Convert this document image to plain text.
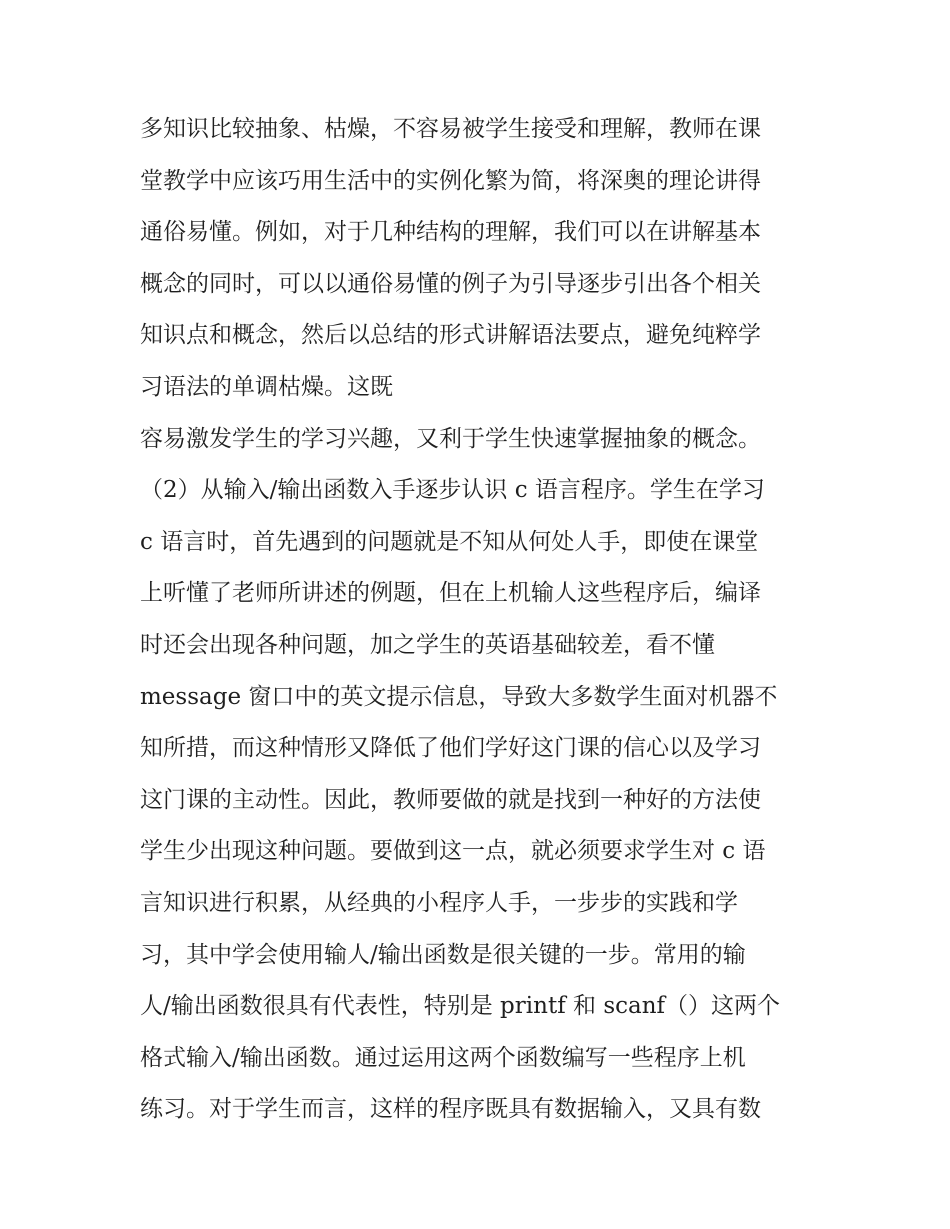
多知识比较抽象、枯燥，不容易被学生接受和理解，教师在课
堂教学中应该巧用生活中的实例化繁为简，将深奥的理论讲得
通俗易懂。例如，对于几种结构的理解，我们可以在讲解基本
概念的同时，可以以通俗易懂的例子为引导逐步引出各个相关
知识点和概念，然后以总结的形式讲解语法要点，避免纯粹学
习语法的单调枯燥。这既
容易激发学生的学习兴趣，又利于学生快速掌握抽象的概念。
（2）从输入/输出函数入手逐步认识 c 语言程序。学生在学习
c 语言时，首先遇到的问题就是不知从何处人手，即使在课堂
上听懂了老师所讲述的例题，但在上机输人这些程序后，编译
时还会出现各种问题，加之学生的英语基础较差，看不懂
message 窗口中的英文提示信息，导致大多数学生面对机器不
知所措，而这种情形又降低了他们学好这门课的信心以及学习
这门课的主动性。因此，教师要做的就是找到一种好的方法使
学生少出现这种问题。要做到这一点，就必须要求学生对 c 语
言知识进行积累，从经典的小程序人手，一步步的实践和学
习，其中学会使用输人/输出函数是很关键的一步。常用的输
人/输出函数很具有代表性，特别是 printf 和 scanf（）这两个
格式输入/输出函数。通过运用这两个函数编写一些程序上机
练习。对于学生而言，这样的程序既具有数据输入，又具有数
